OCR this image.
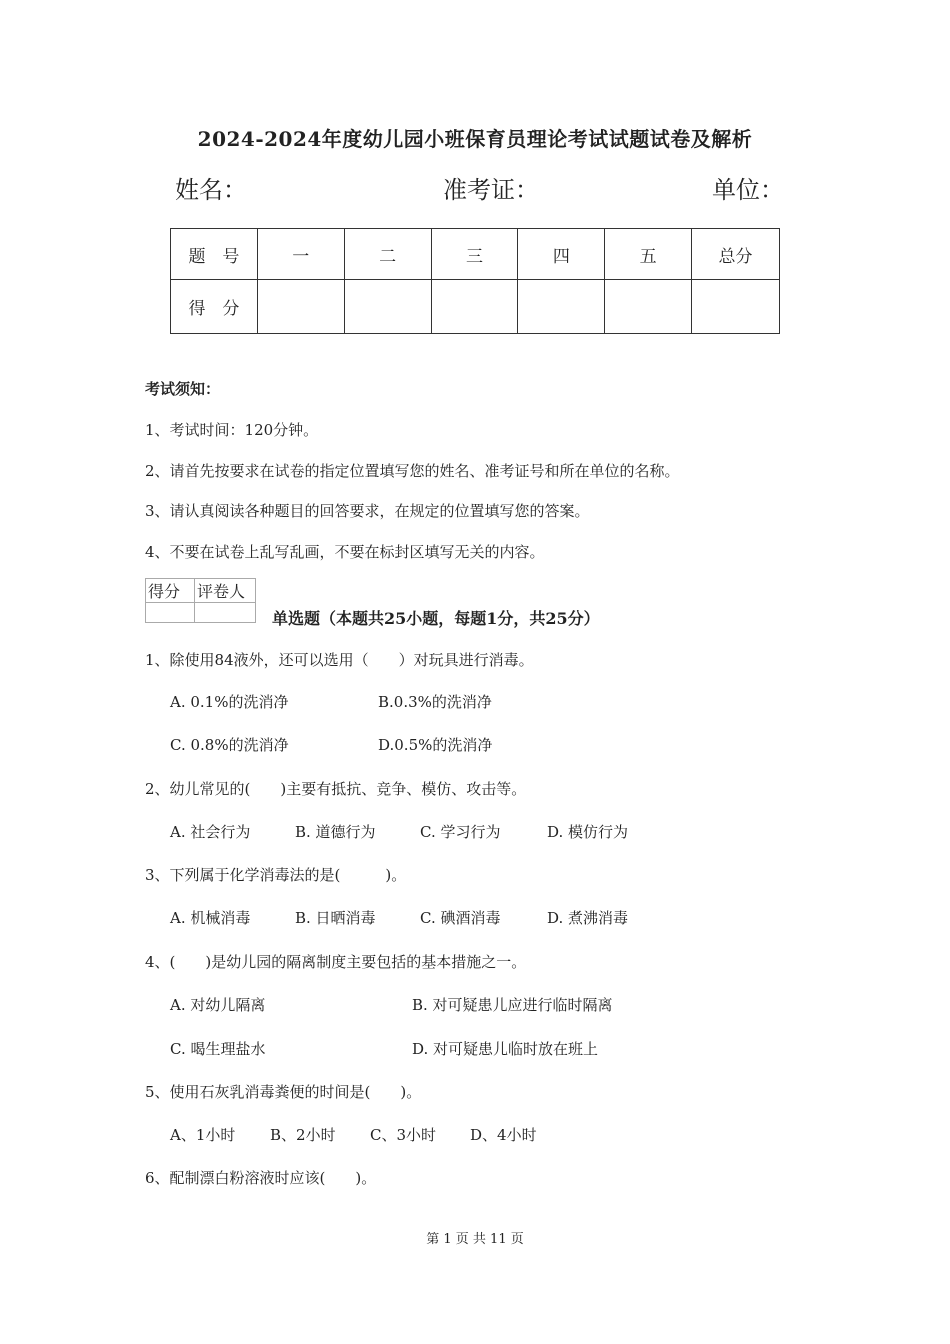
2024-2024年度幼儿园小班保育员理论考试试题试卷及解析
姓名：	准考证：	单位：
题　号	一	二	三	四	五	总分
得　分						
考试须知：
1、考试时间：120分钟。
2、请首先按要求在试卷的指定位置填写您的姓名、准考证号和所在单位的名称。
3、请认真阅读各种题目的回答要求，在规定的位置填写您的答案。
4、不要在试卷上乱写乱画，不要在标封区填写无关的内容。
得分	评卷人

单选题（本题共25小题，每题1分，共25分）
1、除使用84液外，还可以选用（　　）对玩具进行消毒。
A. 0.1%的洗消净	B.0.3%的洗消净
C. 0.8%的洗消净	D.0.5%的洗消净
2、幼儿常见的(　　)主要有抵抗、竞争、模仿、攻击等。
A. 社会行为	B. 道德行为	C. 学习行为	D. 模仿行为
3、下列属于化学消毒法的是(　　　)。
A. 机械消毒	B. 日晒消毒	C. 碘酒消毒	D. 煮沸消毒
4、(　　)是幼儿园的隔离制度主要包括的基本措施之一。
A. 对幼儿隔离	B. 对可疑患儿应进行临时隔离
C. 喝生理盐水	D. 对可疑患儿临时放在班上
5、使用石灰乳消毒粪便的时间是(　　)。
A、1小时 B、2小时 C、3小时 D、4小时
6、配制漂白粉溶液时应该(　　)。
第 1 页 共 11 页
